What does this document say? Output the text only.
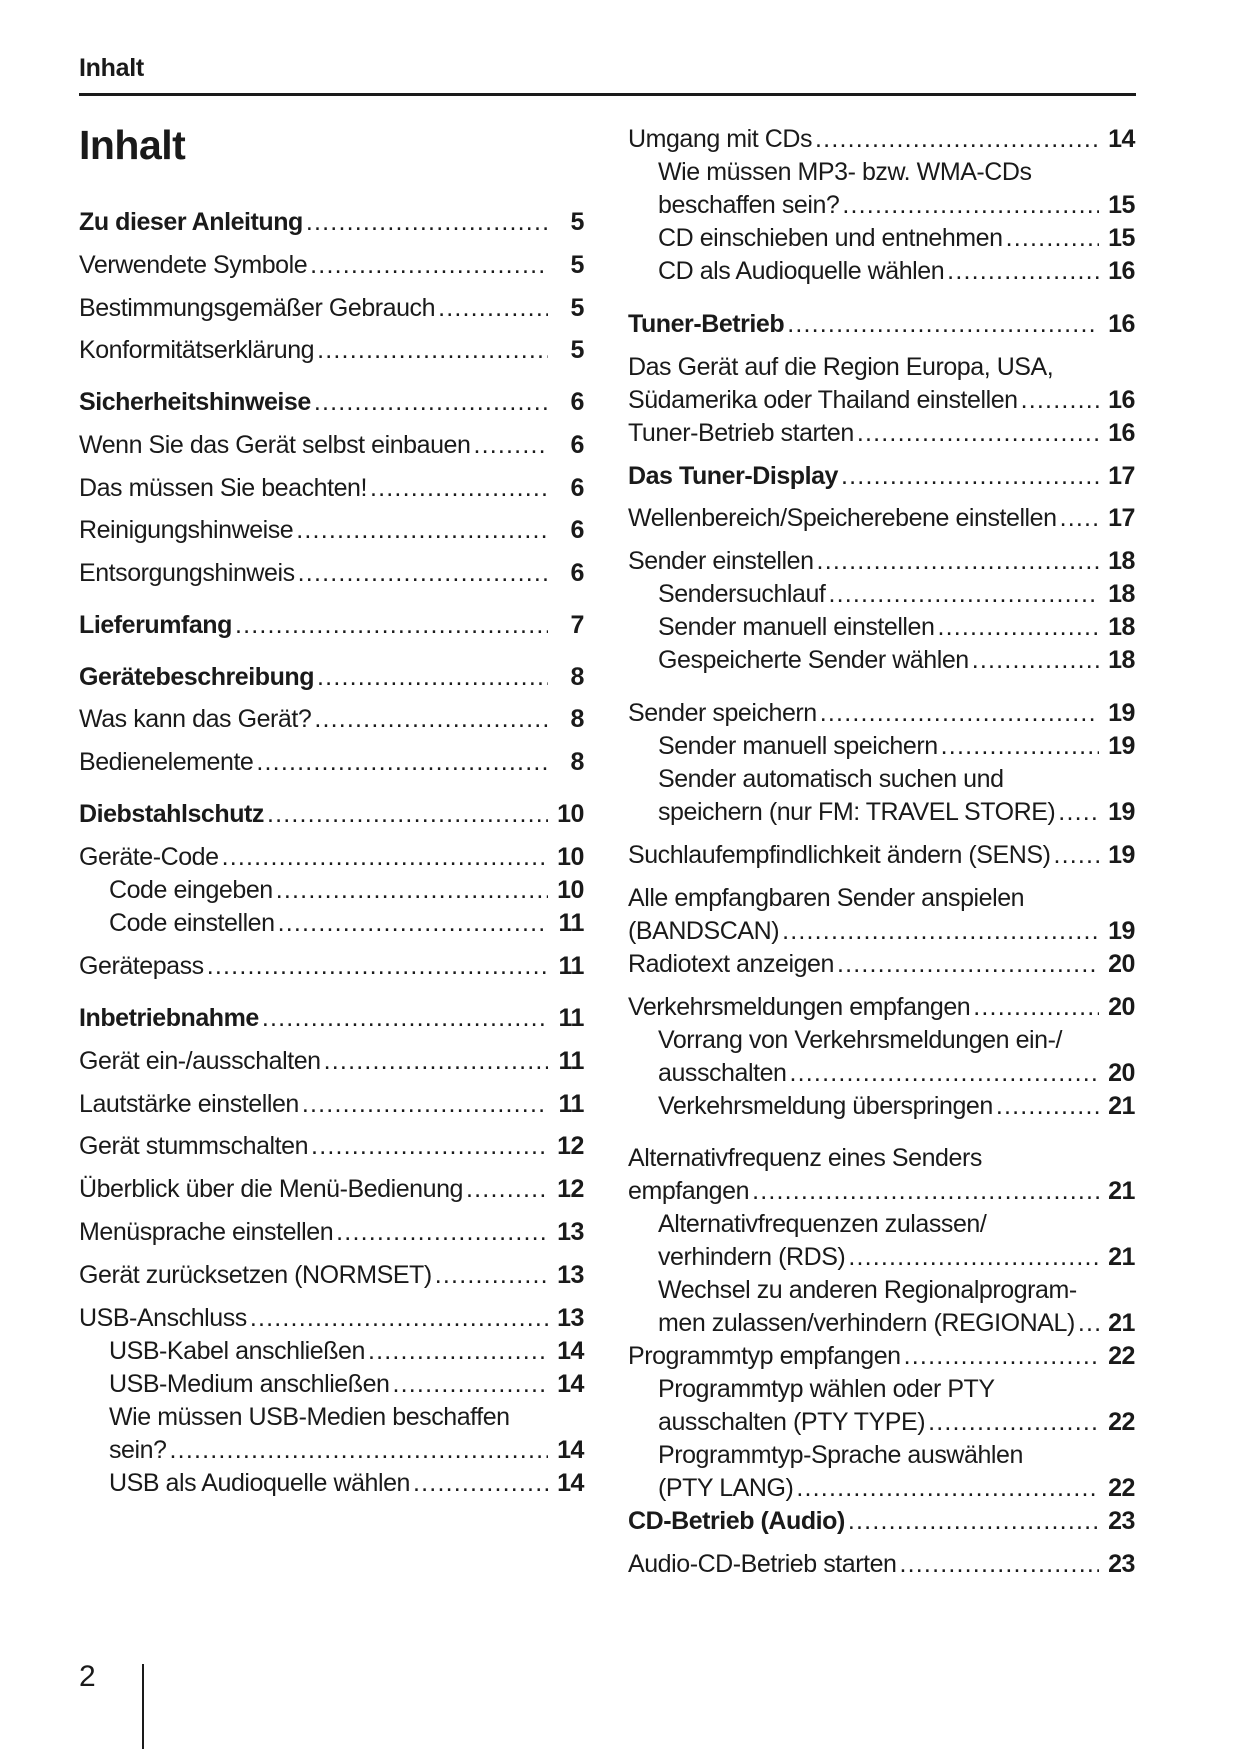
Inhalt
Inhalt
Zu dieser Anleitung .....	5
Verwendete Symbole .....	5
Bestimmungsgemäßer Gebrauch .....	5
Konformitätserklärung .....	5
Sicherheitshinweise .....	6
Wenn Sie das Gerät selbst einbauen .....	6
Das müssen Sie beachten! .....	6
Reinigungshinweise .....	6
Entsorgungshinweis .....	6
Lieferumfang .....	7
Gerätebeschreibung .....	8
Was kann das Gerät? .....	8
Bedienelemente .....	8
Diebstahlschutz .....	10
Geräte-Code .....	10
Code eingeben .....	10
Code einstellen .....	11
Gerätepass .....	11
Inbetriebnahme .....	11
Gerät ein-/ausschalten .....	11
Lautstärke einstellen .....	11
Gerät stummschalten .....	12
Überblick über die Menü-Bedienung .....	12
Menüsprache einstellen .....	13
Gerät zurücksetzen (NORMSET) .....	13
USB-Anschluss .....	13
USB-Kabel anschließen .....	14
USB-Medium anschließen .....	14
Wie müssen USB-Medien beschaffen
sein? .....	14
USB als Audioquelle wählen .....	14
Umgang mit CDs .....	14
Wie müssen MP3- bzw. WMA-CDs
beschaffen sein? .....	15
CD einschieben und entnehmen .....	15
CD als Audioquelle wählen .....	16
Tuner-Betrieb .....	16
Das Gerät auf die Region Europa, USA,
Südamerika oder Thailand einstellen .....	16
Tuner-Betrieb starten .....	16
Das Tuner-Display .....	17
Wellenbereich/Speicherebene einstellen ..... 17
Sender einstellen .....	18
Sendersuchlauf .....	18
Sender manuell einstellen .....	18
Gespeicherte Sender wählen .....	18
Sender speichern .....	19
Sender manuell speichern .....	19
Sender automatisch suchen und
speichern (nur FM: TRAVEL STORE) ..... 19
Suchlaufempfindlichkeit ändern (SENS) ..... 19
Alle empfangbaren Sender anspielen
(BANDSCAN) .....	19
Radiotext anzeigen .....	20
Verkehrsmeldungen empfangen .....	20
Vorrang von Verkehrsmeldungen ein-/
ausschalten .....	20
Verkehrsmeldung überspringen .....	21
Alternativfrequenz eines Senders
empfangen .....	21
Alternativfrequenzen zulassen/
verhindern (RDS) .....	21
Wechsel zu anderen Regionalprogram-
men zulassen/verhindern (REGIONAL) ..... 21
Programmtyp empfangen .....	22
Programmtyp wählen oder PTY
ausschalten (PTY TYPE) .....	22
Programmtyp-Sprache auswählen
(PTY LANG) .....	22
CD-Betrieb (Audio) .....	23
Audio-CD-Betrieb starten .....	23
2
